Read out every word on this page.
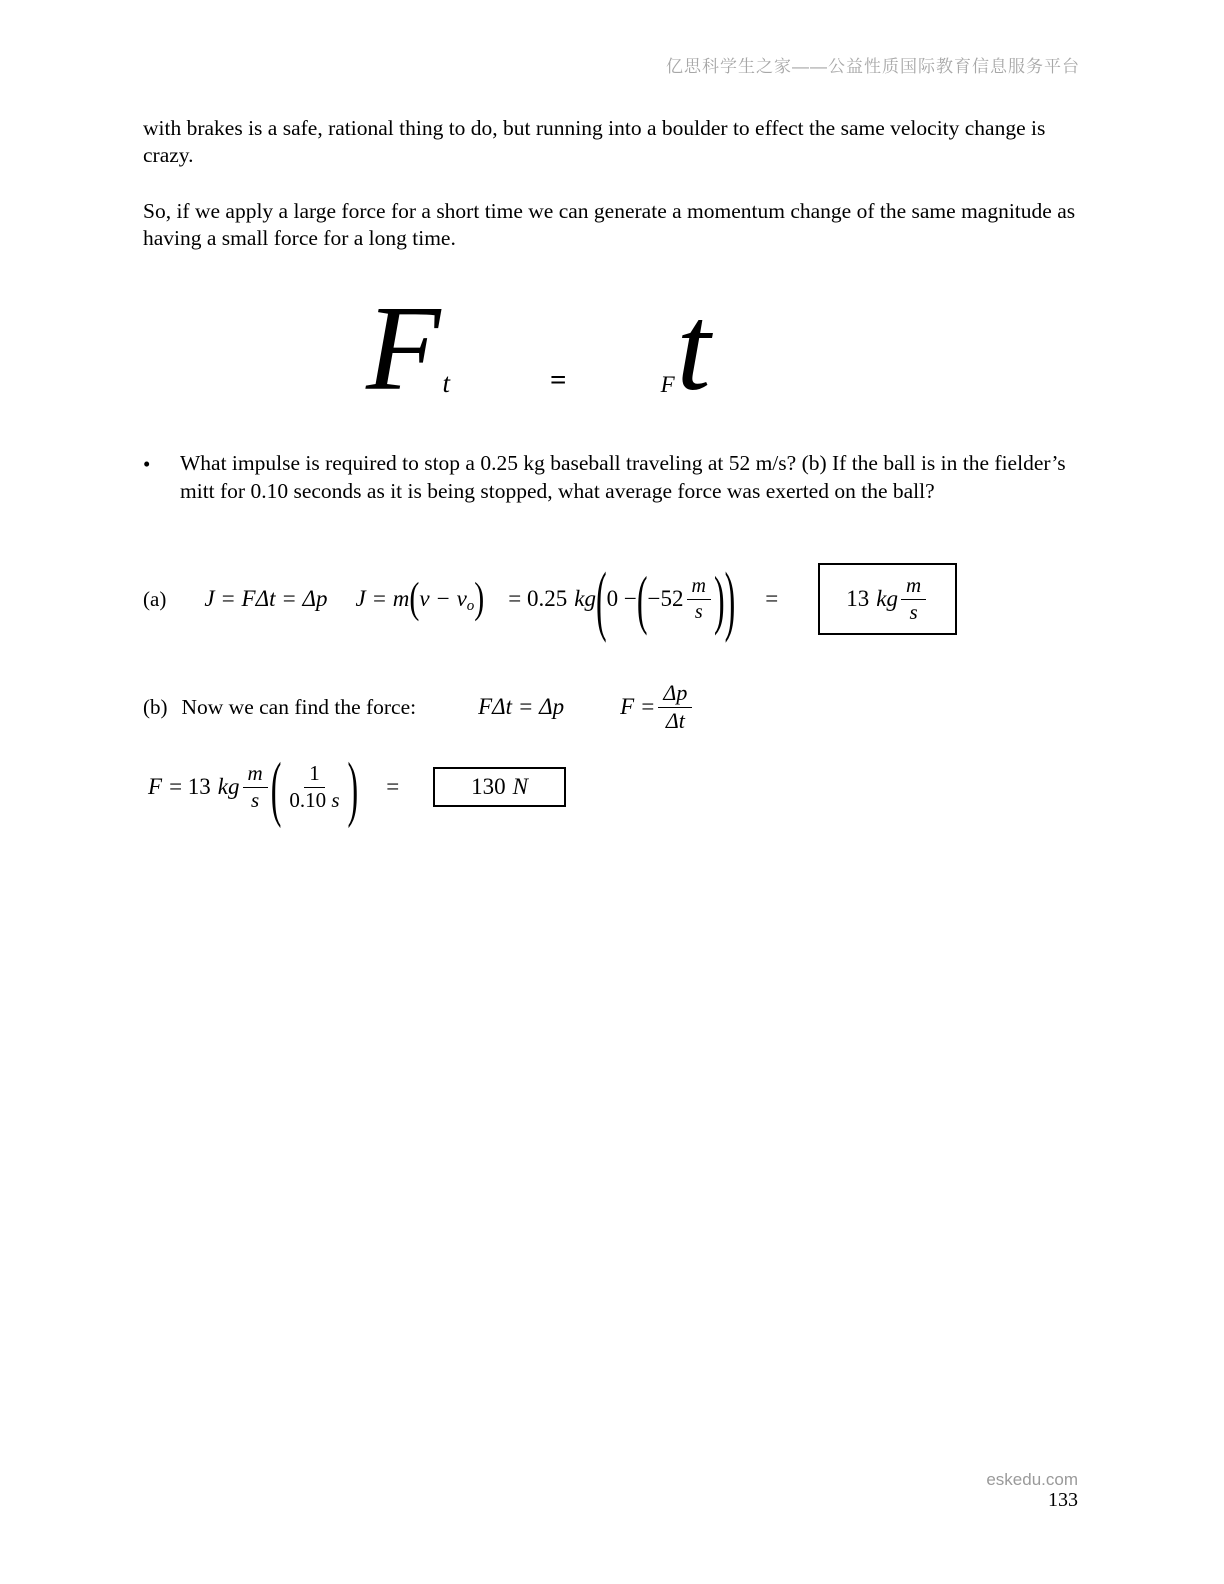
亿思科学生之家——公益性质国际教育信息服务平台

with brakes is a safe, rational thing to do, but running into a boulder to effect the same velocity change is crazy.

So, if we apply a large force for a short time we can generate a momentum change of the same magnitude as having a small force for a long time.

F t	=	F t
• What impulse is required to stop a 0.25 kg baseball traveling at 52 m/s? (b) If the ball is in the fielder’s mitt for 0.10 seconds as it is being stopped, what average force was exerted on the ball?
(a) J = FΔt = Δp J = m ( v − v o ) = 0.25 kg ( 0 − ( $-52 \frac{m}{s}$ ) ) =	13 kg $\frac{m}{s}$
(b) Now we can find the force:	FΔt = Δp $F = \frac{\Delta p}{\Delta t}$
F = 13 kg $\frac{m}{s}$ ( $\frac{1}{0.10 s}$ ) =	130 N
eskedu.com
133
